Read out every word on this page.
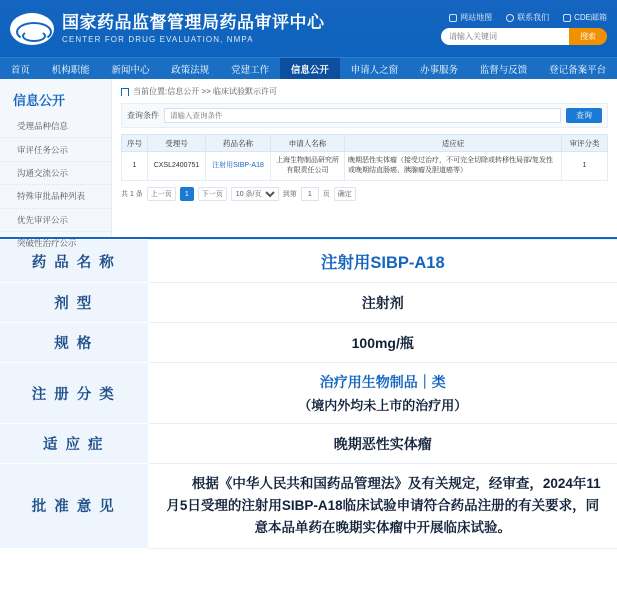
国家药品监督管理局药品审评中心
CENTER FOR DRUG EVALUATION, NMPA
网站地图	联系我们	CDE邮箱
请输入关键词
搜索
首页	机构职能	新闻中心	政策法规	党建工作	信息公开	申请人之窗	办事服务	监督与反馈	登记备案平台
信息公开
受理品种信息
审评任务公示
沟通交流公示
特殊审批品种列表
优先审评公示
突破性治疗公示
当前位置:信息公开 >> 临床试验默示许可
查询条件
请输入查询条件	查询
序号	受理号	药品名称	申请人名称	适应症	审评分类
1	CXSL2400751	注射用SIBP-A18	上海生物制品研究所有限责任公司	晚期恶性实体瘤（接受过治疗，不可完全切除或转移性局部/复发性或晚期结直肠癌、胰腺瘤及胆道癌等）	1
共 1 条	上一页	1	下一页
10 条/页	到第
1	页	确定
药 品 名 称	注射用SIBP-A18
剂 型	注射剂
规 格	100mg/瓶
注 册 分 类	治疗用生物制品｜类
（境内外均未上市的治疗用）

适 应 症	晚期恶性实体瘤
批 准 意 见	根据《中华人民共和国药品管理法》及有关规定，经审查，2024年11月5日受理的注射用SIBP-A18临床试验申请符合药品注册的有关要求，同意本品单药在晚期实体瘤中开展临床试验。
